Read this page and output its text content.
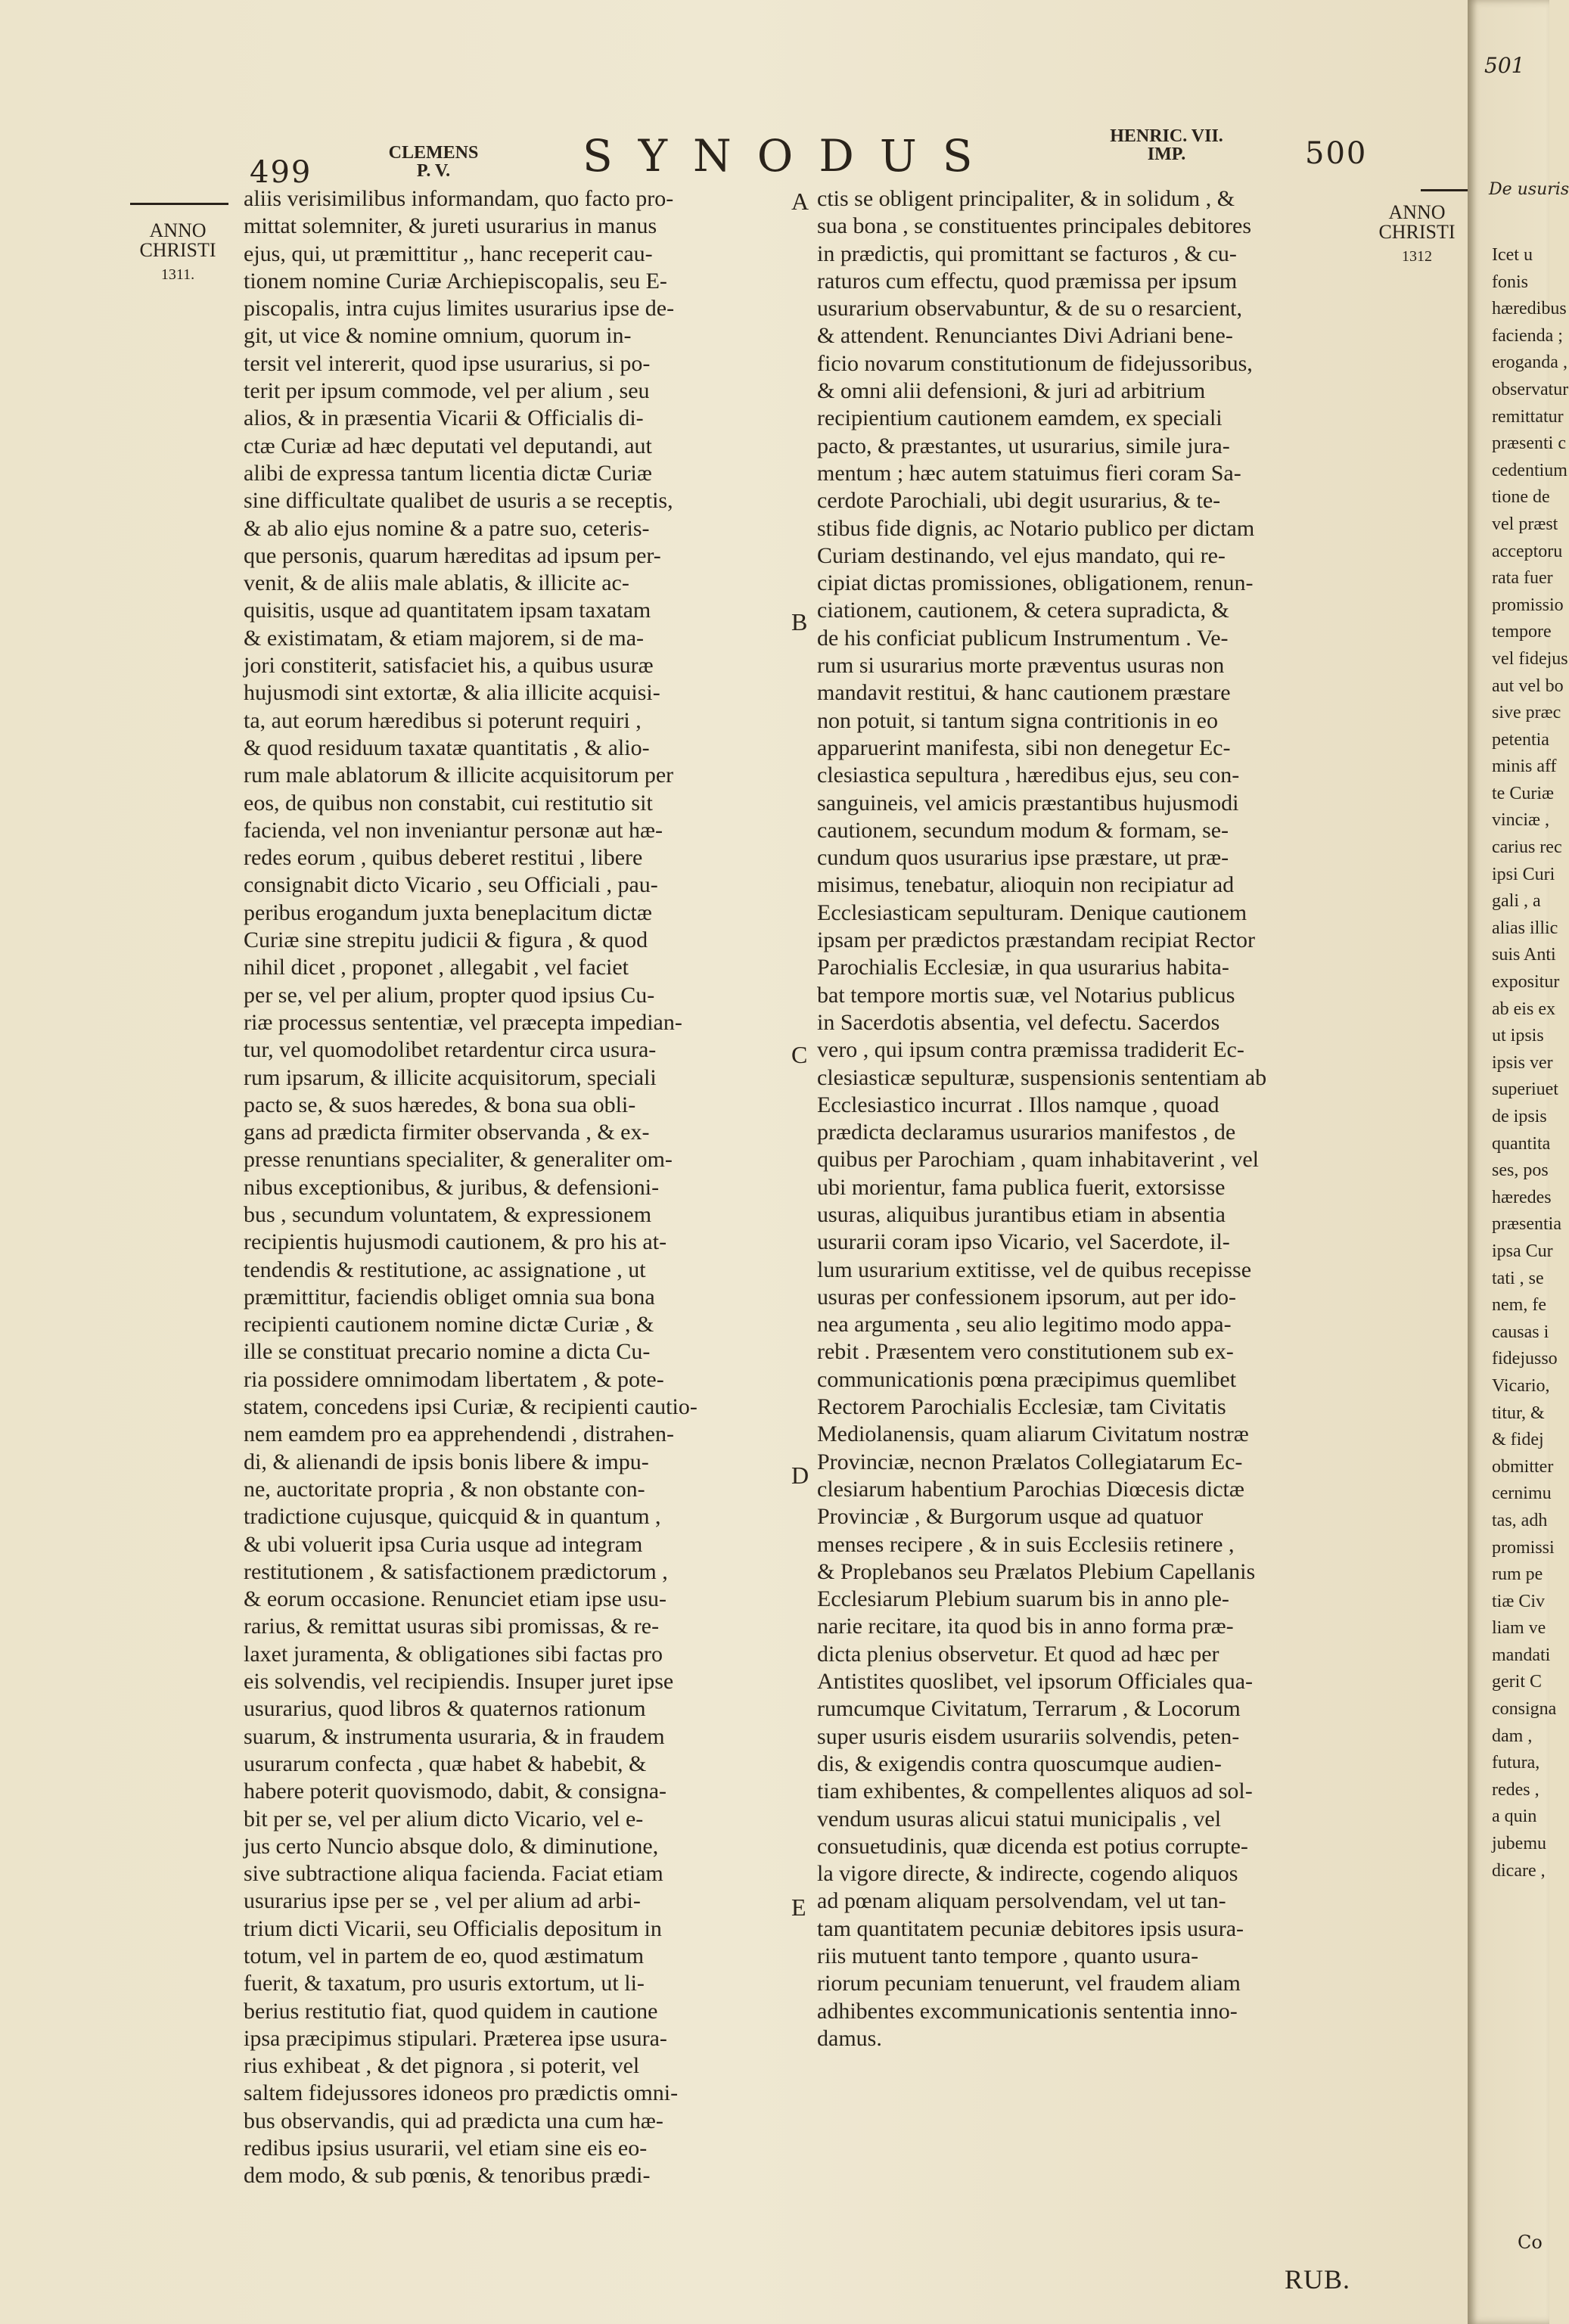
499
CLEMENS
P. V.	SYNODUS	HENRIC. VII.
IMP.	500
ANNO
CHRISTI
1311.
ANNO
CHRISTI
1312
aliis verisimilibus informandam, quo facto pro-
mittat solemniter, & jureti usurarius in manus
ejus, qui, ut præmittitur ,, hanc receperit cau-
tionem nomine Curiæ Archiepiscopalis, seu E-
piscopalis, intra cujus limites usurarius ipse de-
git, ut vice & nomine omnium, quorum in-
tersit vel intererit, quod ipse usurarius, si po-
terit per ipsum commode, vel per alium , seu
alios, & in præsentia Vicarii & Officialis di-
ctæ Curiæ ad hæc deputati vel deputandi, aut
alibi de expressa tantum licentia dictæ Curiæ
sine difficultate qualibet de usuris a se receptis,
& ab alio ejus nomine & a patre suo, ceteris-
que personis, quarum hæreditas ad ipsum per-
venit, & de aliis male ablatis, & illicite ac-
quisitis, usque ad quantitatem ipsam taxatam
& existimatam, & etiam majorem, si de ma-
jori constiterit, satisfaciet his, a quibus usuræ
hujusmodi sint extortæ, & alia illicite acquisi-
ta, aut eorum hæredibus si poterunt requiri ,
& quod residuum taxatæ quantitatis , & alio-
rum male ablatorum & illicite acquisitorum per
eos, de quibus non constabit, cui restitutio sit
facienda, vel non inveniantur personæ aut hæ-
redes eorum , quibus deberet restitui , libere
consignabit dicto Vicario , seu Officiali , pau-
peribus erogandum juxta beneplacitum dictæ
Curiæ sine strepitu judicii & figura , & quod
nihil dicet , proponet , allegabit , vel faciet
per se, vel per alium, propter quod ipsius Cu-
riæ processus sententiæ, vel præcepta impedian-
tur, vel quomodolibet retardentur circa usura-
rum ipsarum, & illicite acquisitorum, speciali
pacto se, & suos hæredes, & bona sua obli-
gans ad prædicta firmiter observanda , & ex-
presse renuntians specialiter, & generaliter om-
nibus exceptionibus, & juribus, & defensioni-
bus , secundum voluntatem, & expressionem
recipientis hujusmodi cautionem, & pro his at-
tendendis & restitutione, ac assignatione , ut
præmittitur, faciendis obliget omnia sua bona
recipienti cautionem nomine dictæ Curiæ , &
ille se constituat precario nomine a dicta Cu-
ria possidere omnimodam libertatem , & pote-
statem, concedens ipsi Curiæ, & recipienti cautio-
nem eamdem pro ea apprehendendi , distrahen-
di, & alienandi de ipsis bonis libere & impu-
ne, auctoritate propria , & non obstante con-
tradictione cujusque, quicquid & in quantum ,
& ubi voluerit ipsa Curia usque ad integram
restitutionem , & satisfactionem prædictorum ,
& eorum occasione. Renunciet etiam ipse usu-
rarius, & remittat usuras sibi promissas, & re-
laxet juramenta, & obligationes sibi factas pro
eis solvendis, vel recipiendis. Insuper juret ipse
usurarius, quod libros & quaternos rationum
suarum, & instrumenta usuraria, & in fraudem
usurarum confecta , quæ habet & habebit, &
habere poterit quovismodo, dabit, & consigna-
bit per se, vel per alium dicto Vicario, vel e-
jus certo Nuncio absque dolo, & diminutione,
sive subtractione aliqua facienda. Faciat etiam
usurarius ipse per se , vel per alium ad arbi-
trium dicti Vicarii, seu Officialis depositum in
totum, vel in partem de eo, quod æstimatum
fuerit, & taxatum, pro usuris extortum, ut li-
berius restitutio fiat, quod quidem in cautione
ipsa præcipimus stipulari. Præterea ipse usura-
rius exhibeat , & det pignora , si poterit, vel
saltem fidejussores idoneos pro prædictis omni-
bus observandis, qui ad prædicta una cum hæ-
redibus ipsius usurarii, vel etiam sine eis eo-
dem modo, & sub pœnis, & tenoribus prædi-
ctis se obligent principaliter, & in solidum , &
sua bona , se constituentes principales debitores
in prædictis, qui promittant se facturos , & cu-
raturos cum effectu, quod præmissa per ipsum
usurarium observabuntur, & de su o resarcient,
& attendent. Renunciantes Divi Adriani bene-
ficio novarum constitutionum de fidejussoribus,
& omni alii defensioni, & juri ad arbitrium
recipientium cautionem eamdem, ex speciali
pacto, & præstantes, ut usurarius, simile jura-
mentum ; hæc autem statuimus fieri coram Sa-
cerdote Parochiali, ubi degit usurarius, & te-
stibus fide dignis, ac Notario publico per dictam
Curiam destinando, vel ejus mandato, qui re-
cipiat dictas promissiones, obligationem, renun-
ciationem, cautionem, & cetera supradicta, &
de his conficiat publicum Instrumentum . Ve-
rum si usurarius morte præventus usuras non
mandavit restitui, & hanc cautionem præstare
non potuit, si tantum signa contritionis in eo
apparuerint manifesta, sibi non denegetur Ec-
clesiastica sepultura , hæredibus ejus, seu con-
sanguineis, vel amicis præstantibus hujusmodi
cautionem, secundum modum & formam, se-
cundum quos usurarius ipse præstare, ut præ-
misimus, tenebatur, alioquin non recipiatur ad
Ecclesiasticam sepulturam. Denique cautionem
ipsam per prædictos præstandam recipiat Rector
Parochialis Ecclesiæ, in qua usurarius habita-
bat tempore mortis suæ, vel Notarius publicus
in Sacerdotis absentia, vel defectu. Sacerdos
vero , qui ipsum contra præmissa tradiderit Ec-
clesiasticæ sepulturæ, suspensionis sententiam ab
Ecclesiastico incurrat . Illos namque , quoad
prædicta declaramus usurarios manifestos , de
quibus per Parochiam , quam inhabitaverint , vel
ubi morientur, fama publica fuerit, extorsisse
usuras, aliquibus jurantibus etiam in absentia
usurarii coram ipso Vicario, vel Sacerdote, il-
lum usurarium extitisse, vel de quibus recepisse
usuras per confessionem ipsorum, aut per ido-
nea argumenta , seu alio legitimo modo appa-
rebit . Præsentem vero constitutionem sub ex-
communicationis pœna præcipimus quemlibet
Rectorem Parochialis Ecclesiæ, tam Civitatis
Mediolanensis, quam aliarum Civitatum nostræ
Provinciæ, necnon Prælatos Collegiatarum Ec-
clesiarum habentium Parochias Diœcesis dictæ
Provinciæ , & Burgorum usque ad quatuor
menses recipere , & in suis Ecclesiis retinere ,
& Proplebanos seu Prælatos Plebium Capellanis
Ecclesiarum Plebium suarum bis in anno ple-
narie recitare, ita quod bis in anno forma præ-
dicta plenius observetur. Et quod ad hæc per
Antistites quoslibet, vel ipsorum Officiales qua-
rumcumque Civitatum, Terrarum , & Locorum
super usuris eisdem usurariis solvendis, peten-
dis, & exigendis contra quoscumque audien-
tiam exhibentes, & compellentes aliquos ad sol-
vendum usuras alicui statui municipalis , vel
consuetudinis, quæ dicenda est potius corrupte-
la vigore directe, & indirecte, cogendo aliquos
ad pœnam aliquam persolvendam, vel ut tan-
tam quantitatem pecuniæ debitores ipsis usura-
riis mutuent tanto tempore , quanto usura-
riorum pecuniam tenuerunt, vel fraudem aliam
adhibentes excommunicationis sententia inno-
damus.
A
B
C
D
E
RUB.
501
De usuris
Icet u
fonis
hæredibus
facienda ;
eroganda ,
observatur
remittatur
præsenti c
cedentium
tione de
vel præst
acceptoru
rata fuer
promissio
tempore
vel fidejus
aut vel bo
sive præc
petentia
minis aff
te Curiæ
vinciæ ,
carius rec
ipsi Curi
gali , a
alias illic
suis Anti
expositur
ab eis ex
ut ipsis
ipsis ver
superiuet
de ipsis
quantita
ses, pos
hæredes
præsentia
ipsa Cur
tati , se
nem, fe
causas i
fidejusso
Vicario,
titur, &
& fidej
obmitter
cernimu
tas, adh
promissi
rum pe
tiæ Civ
liam ve
mandati
gerit C
consigna
dam ,
futura,
redes ,
a quin
jubemu
dicare ,
Co
